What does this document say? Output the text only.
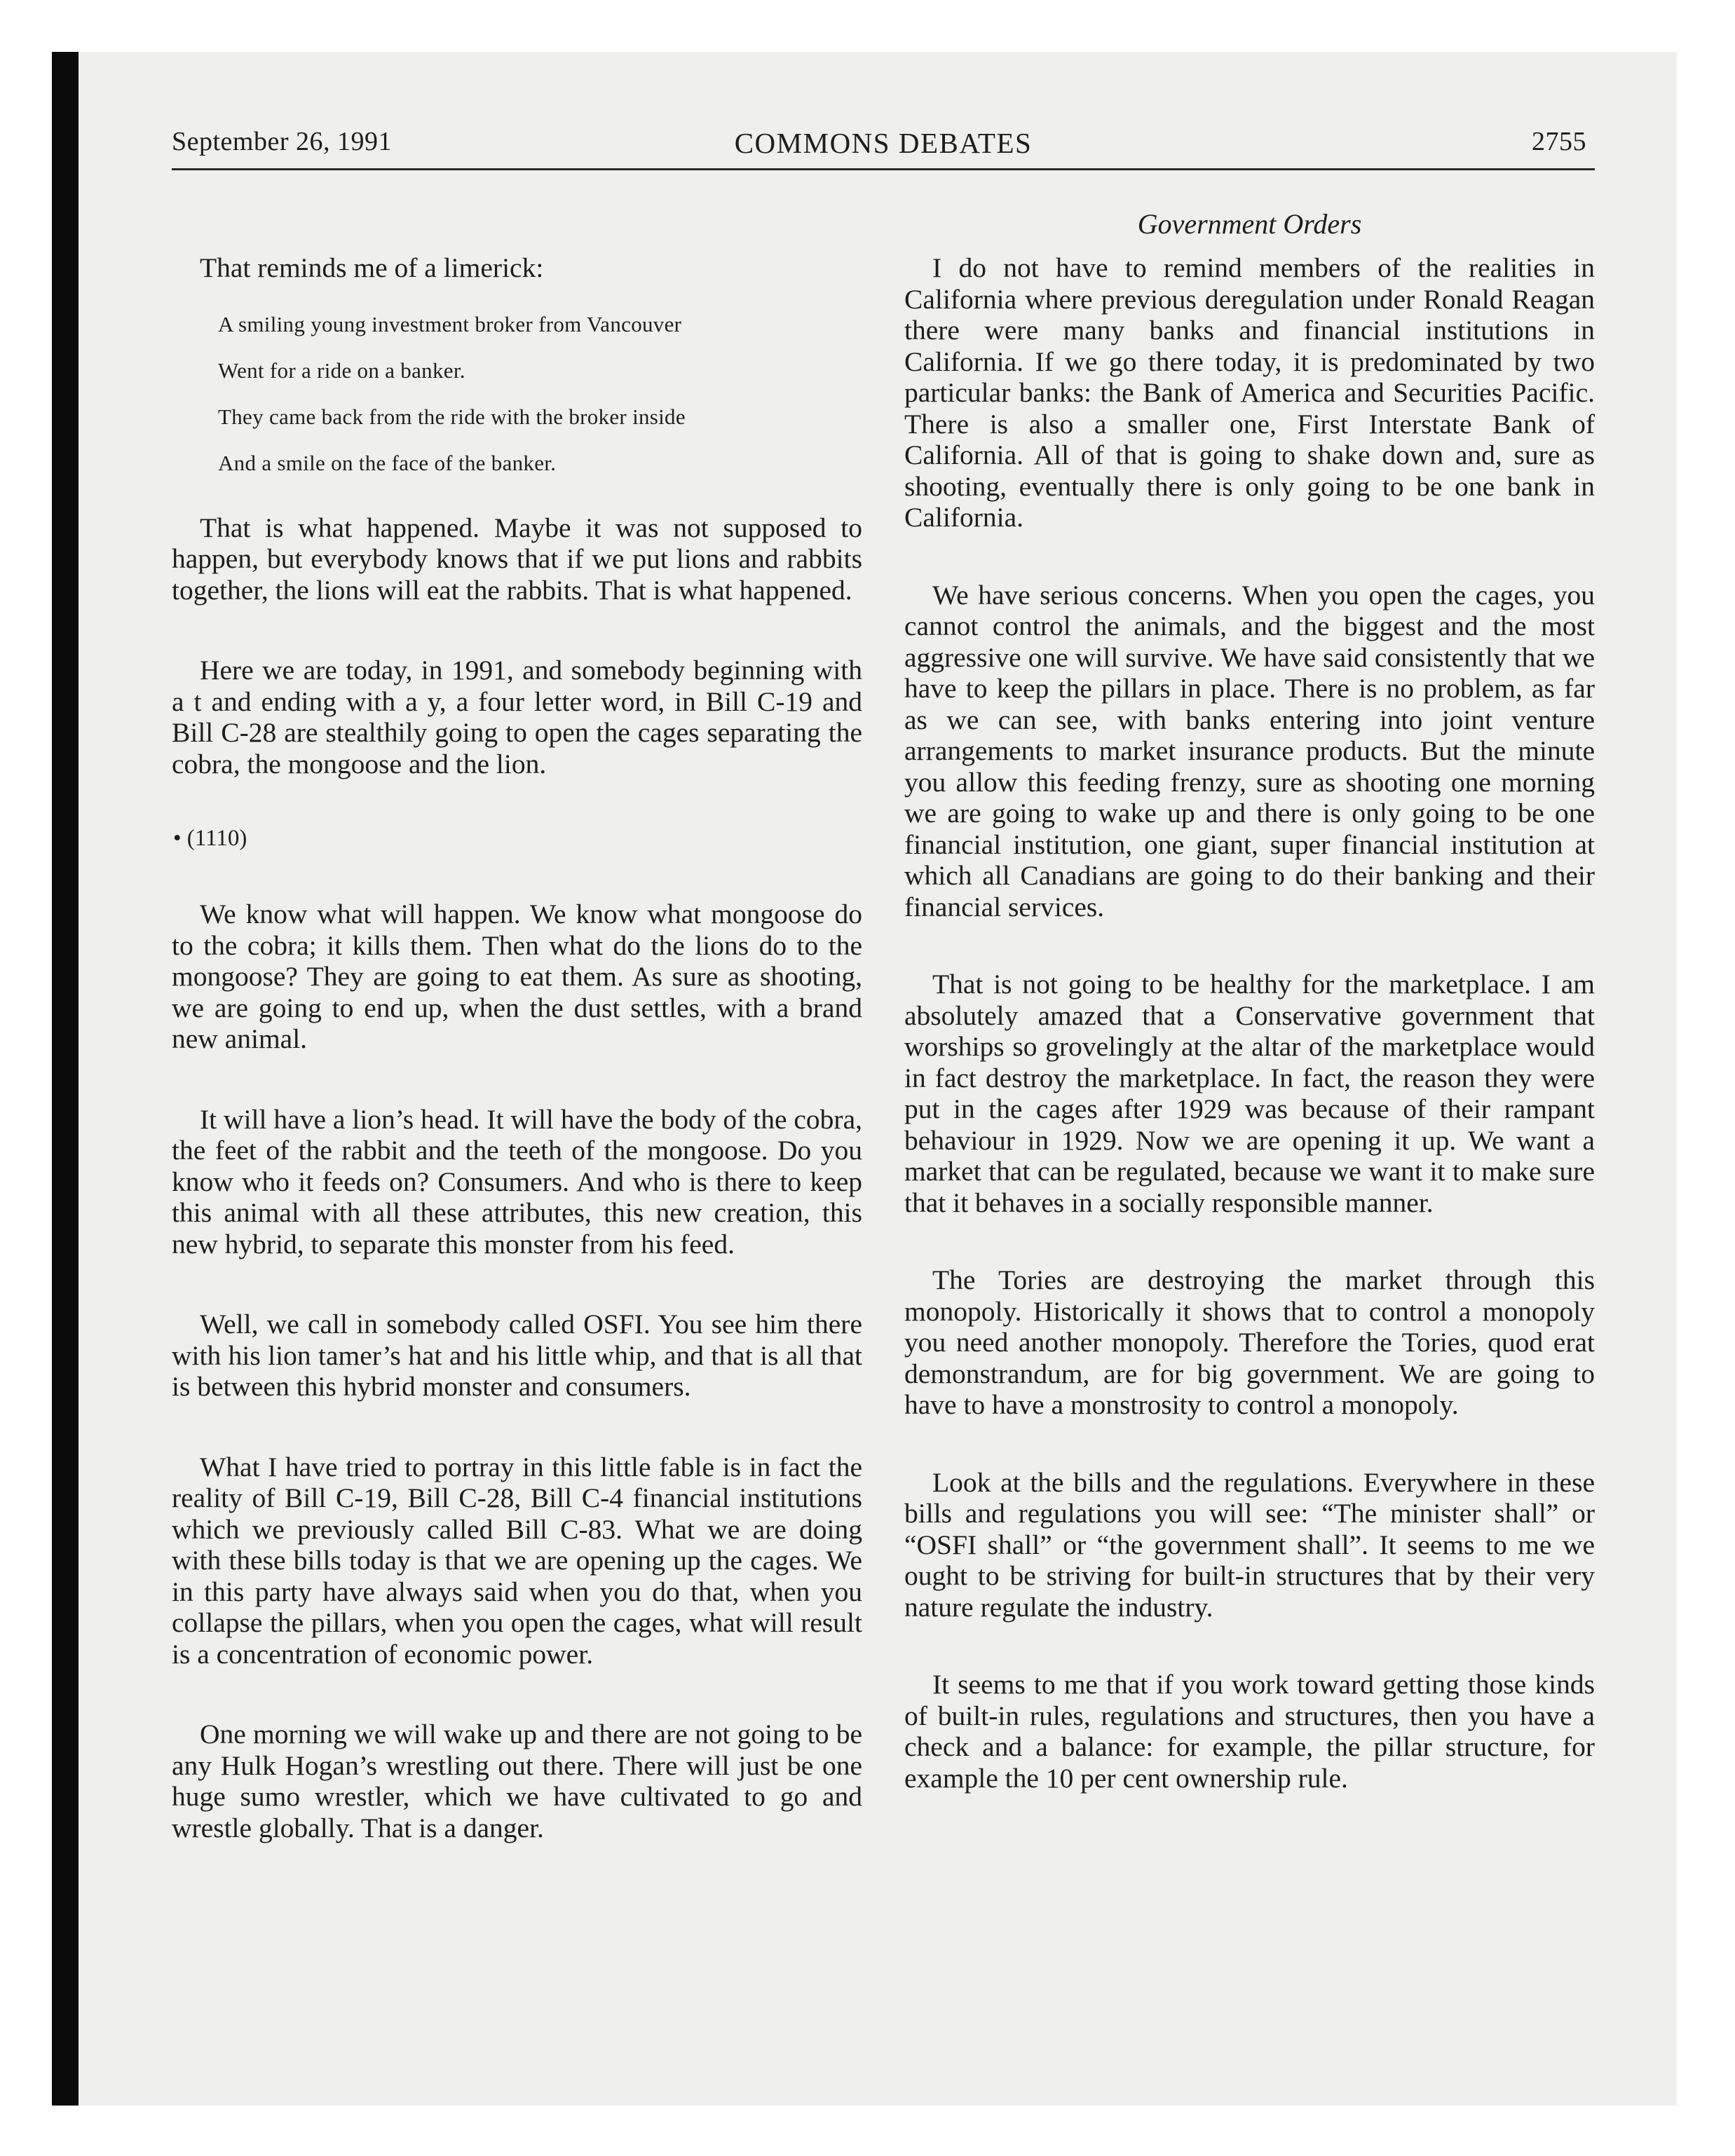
September 26, 1991	COMMONS DEBATES	2755
Government Orders

That reminds me of a limerick:

A smiling young investment broker from Vancouver
Went for a ride on a banker.
They came back from the ride with the broker inside
And a smile on the face of the banker.

That is what happened. Maybe it was not supposed to happen, but everybody knows that if we put lions and rabbits together, the lions will eat the rabbits. That is what happened.

Here we are today, in 1991, and somebody beginning with a t and ending with a y, a four letter word, in Bill C-19 and Bill C-28 are stealthily going to open the cages separating the cobra, the mongoose and the lion.

• (1110)

We know what will happen. We know what mongoose do to the cobra; it kills them. Then what do the lions do to the mongoose? They are going to eat them. As sure as shooting, we are going to end up, when the dust settles, with a brand new animal.

It will have a lion’s head. It will have the body of the cobra, the feet of the rabbit and the teeth of the mongoose. Do you know who it feeds on? Consumers. And who is there to keep this animal with all these attributes, this new creation, this new hybrid, to separate this monster from his feed.

Well, we call in somebody called OSFI. You see him there with his lion tamer’s hat and his little whip, and that is all that is between this hybrid monster and consumers.

What I have tried to portray in this little fable is in fact the reality of Bill C-19, Bill C-28, Bill C-4 financial institutions which we previously called Bill C-83. What we are doing with these bills today is that we are opening up the cages. We in this party have always said when you do that, when you collapse the pillars, when you open the cages, what will result is a concentration of economic power.

One morning we will wake up and there are not going to be any Hulk Hogan’s wrestling out there. There will just be one huge sumo wrestler, which we have cultivated to go and wrestle globally. That is a danger.

I do not have to remind members of the realities in California where previous deregulation under Ronald Reagan there were many banks and financial institutions in California. If we go there today, it is predominated by two particular banks: the Bank of America and Securities Pacific. There is also a smaller one, First Interstate Bank of California. All of that is going to shake down and, sure as shooting, eventually there is only going to be one bank in California.

We have serious concerns. When you open the cages, you cannot control the animals, and the biggest and the most aggressive one will survive. We have said consistently that we have to keep the pillars in place. There is no problem, as far as we can see, with banks entering into joint venture arrangements to market insurance products. But the minute you allow this feeding frenzy, sure as shooting one morning we are going to wake up and there is only going to be one financial institution, one giant, super financial institution at which all Canadians are going to do their banking and their financial services.

That is not going to be healthy for the marketplace. I am absolutely amazed that a Conservative government that worships so grovelingly at the altar of the marketplace would in fact destroy the marketplace. In fact, the reason they were put in the cages after 1929 was because of their rampant behaviour in 1929. Now we are opening it up. We want a market that can be regulated, because we want it to make sure that it behaves in a socially responsible manner.

The Tories are destroying the market through this monopoly. Historically it shows that to control a monopoly you need another monopoly. Therefore the Tories, quod erat demonstrandum, are for big government. We are going to have to have a monstrosity to control a monopoly.

Look at the bills and the regulations. Everywhere in these bills and regulations you will see: “The minister shall” or “OSFI shall” or “the government shall”. It seems to me we ought to be striving for built-in structures that by their very nature regulate the industry.

It seems to me that if you work toward getting those kinds of built-in rules, regulations and structures, then you have a check and a balance: for example, the pillar structure, for example the 10 per cent ownership rule.
